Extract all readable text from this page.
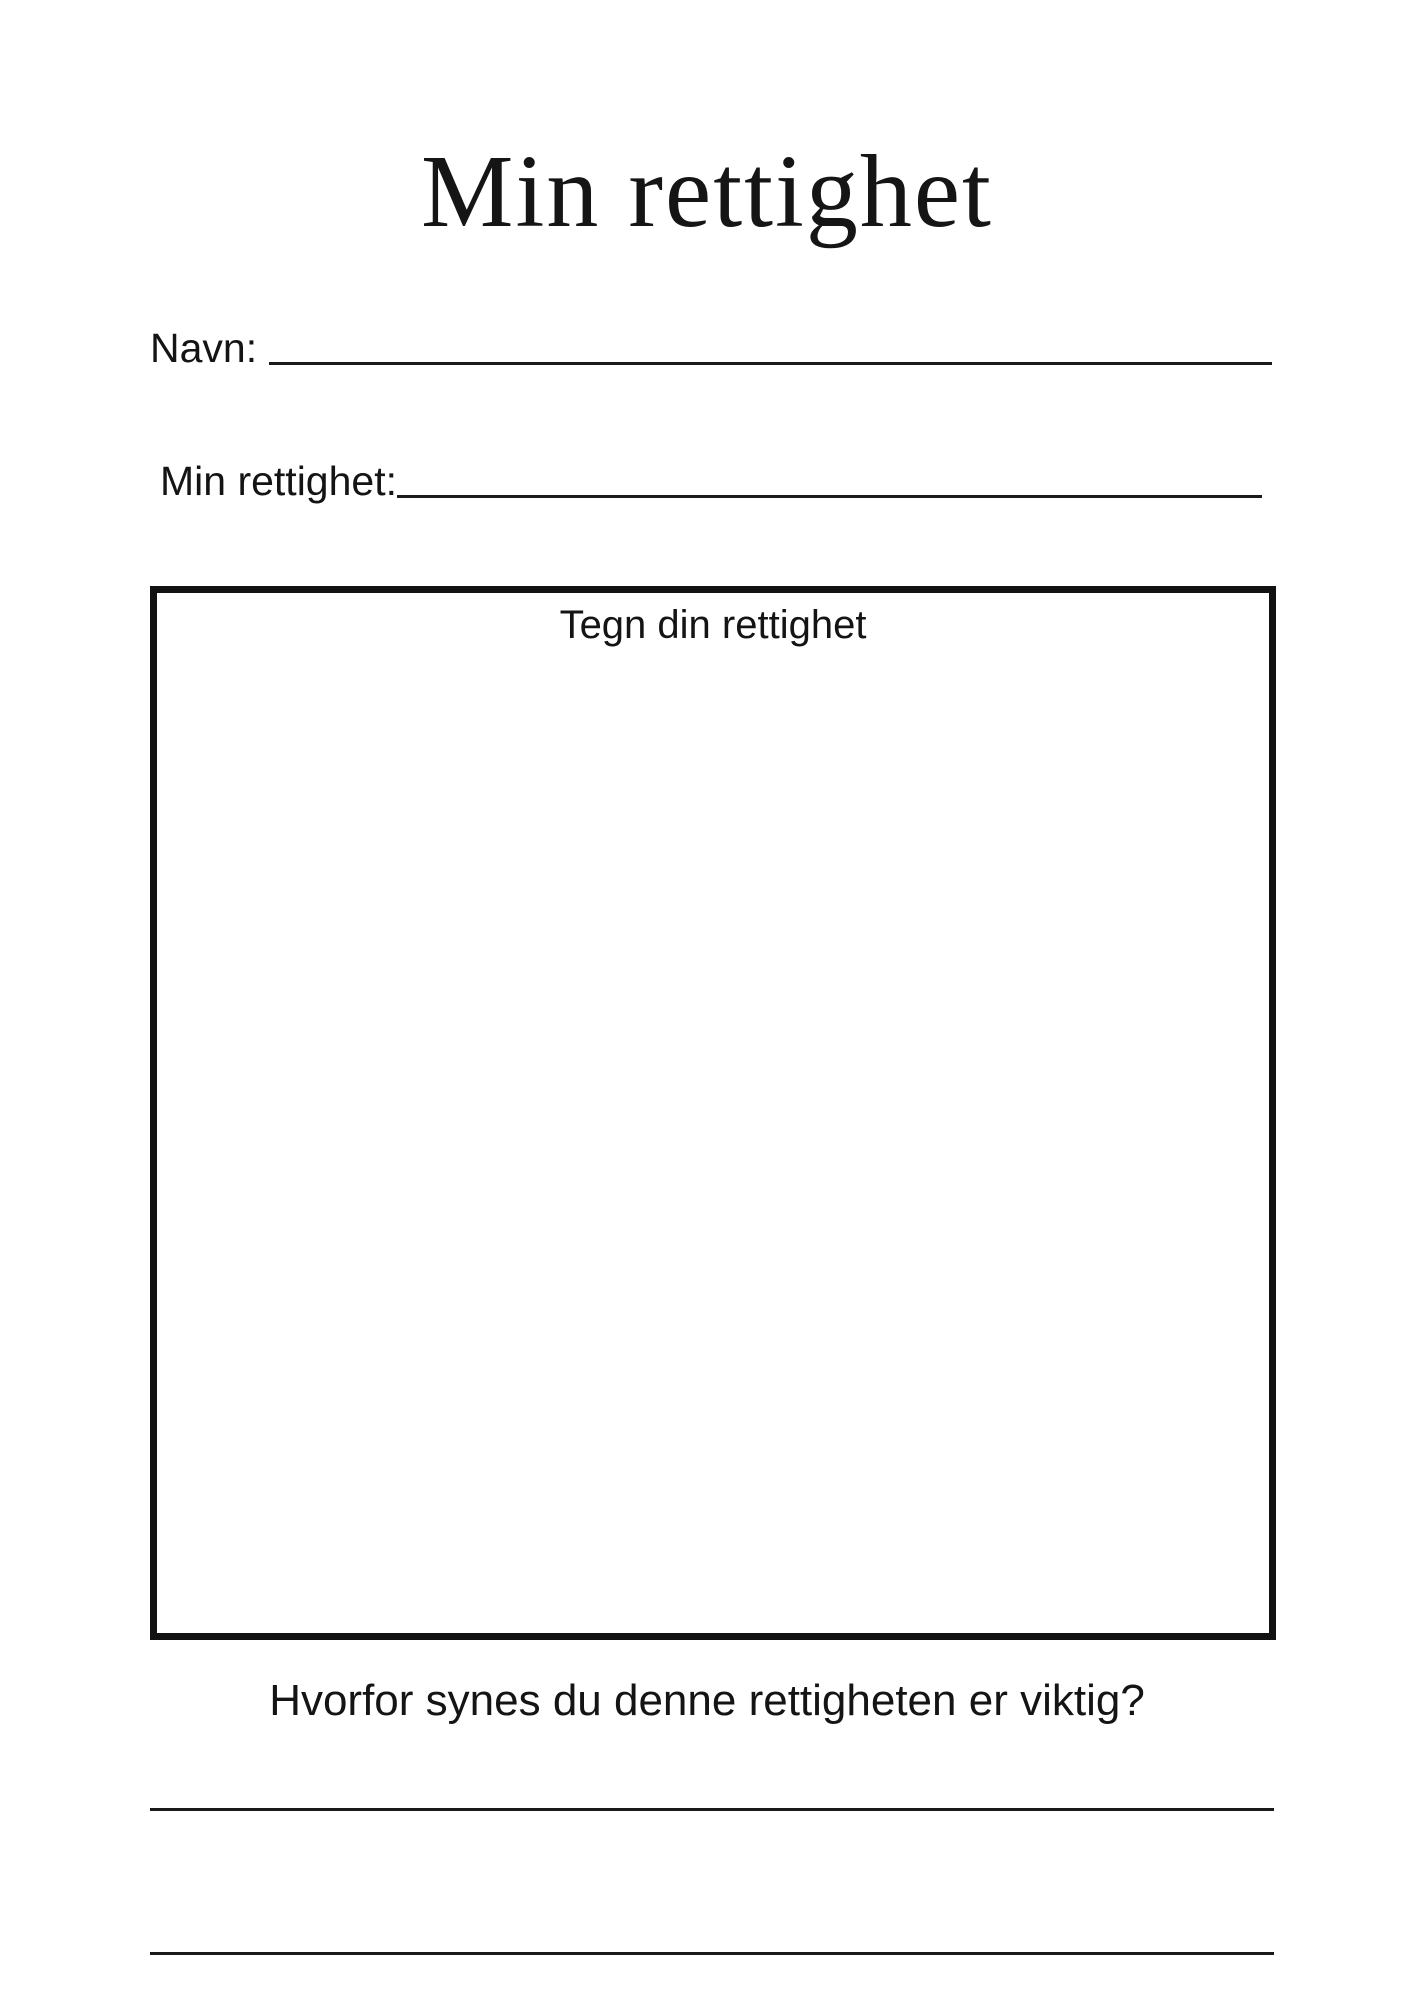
Min rettighet
Navn:
Min rettighet:
Tegn din rettighet
Hvorfor synes du denne rettigheten er viktig?
